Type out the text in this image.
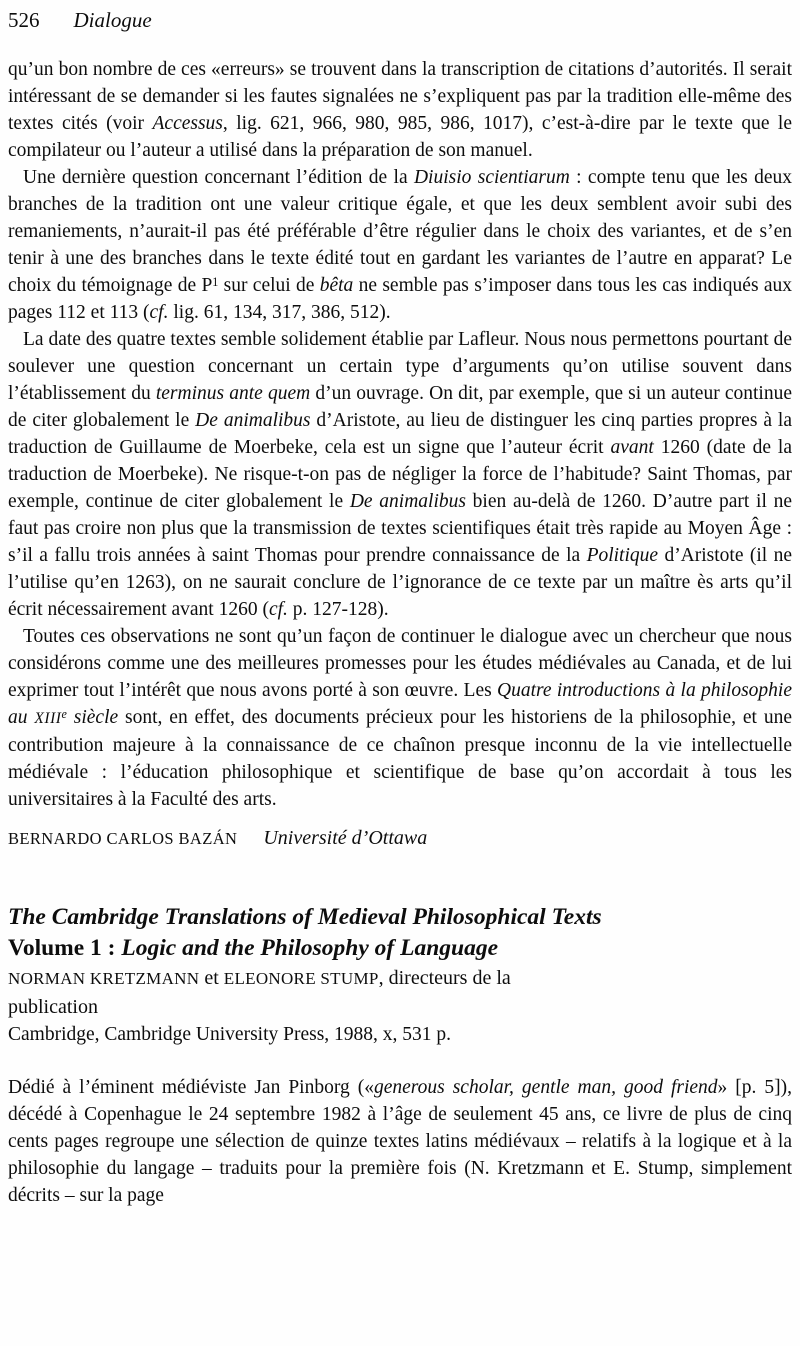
526 Dialogue

qu’un bon nombre de ces «erreurs» se trouvent dans la transcription de citations d’autorités. Il serait intéressant de se demander si les fautes signalées ne s’expliquent pas par la tradition elle-même des textes cités (voir Accessus, lig. 621, 966, 980, 985, 986, 1017), c’est-à-dire par le texte que le compilateur ou l’auteur a utilisé dans la préparation de son manuel.

Une dernière question concernant l’édition de la Diuisio scientiarum : compte tenu que les deux branches de la tradition ont une valeur critique égale, et que les deux semblent avoir subi des remaniements, n’aurait-il pas été préférable d’être régulier dans le choix des variantes, et de s’en tenir à une des branches dans le texte édité tout en gardant les variantes de l’autre en apparat? Le choix du témoignage de $P^1$ sur celui de bêta ne semble pas s’imposer dans tous les cas indiqués aux pages 112 et 113 (cf. lig. 61, 134, 317, 386, 512).

La date des quatre textes semble solidement établie par Lafleur. Nous nous permettons pourtant de soulever une question concernant un certain type d’arguments qu’on utilise souvent dans l’établissement du terminus ante quem d’un ouvrage. On dit, par exemple, que si un auteur continue de citer globalement le De animalibus d’Aristote, au lieu de distinguer les cinq parties propres à la traduction de Guillaume de Moerbeke, cela est un signe que l’auteur écrit avant 1260 (date de la traduction de Moerbeke). Ne risque-t-on pas de négliger la force de l’habitude? Saint Thomas, par exemple, continue de citer globalement le De animalibus bien au-delà de 1260. D’autre part il ne faut pas croire non plus que la transmission de textes scientifiques était très rapide au Moyen Âge : s’il a fallu trois années à saint Thomas pour prendre connaissance de la Politique d’Aristote (il ne l’utilise qu’en 1263), on ne saurait conclure de l’ignorance de ce texte par un maître ès arts qu’il écrit nécessairement avant 1260 (cf. p. 127-128).

Toutes ces observations ne sont qu’un façon de continuer le dialogue avec un chercheur que nous considérons comme une des meilleures promesses pour les études médiévales au Canada, et de lui exprimer tout l’intérêt que nous avons porté à son œuvre. Les Quatre introductions à la philosophie au XIIIe siècle sont, en effet, des documents précieux pour les historiens de la philosophie, et une contribution majeure à la connaissance de ce chaînon presque inconnu de la vie intellectuelle médiévale : l’éducation philosophique et scientifique de base qu’on accordait à tous les universitaires à la Faculté des arts.

BERNARDO CARLOS BAZÁN Université d’Ottawa
The Cambridge Translations of Medieval Philosophical Texts
Volume 1 : Logic and the Philosophy of Language
NORMAN KRETZMANN et ELEONORE STUMP, directeurs de la
publication
Cambridge, Cambridge University Press, 1988, x, 531 p.

Dédié à l’éminent médiéviste Jan Pinborg («generous scholar, gentle man, good friend» [p. 5]), décédé à Copenhague le 24 septembre 1982 à l’âge de seulement 45 ans, ce livre de plus de cinq cents pages regroupe une sélection de quinze textes latins médiévaux – relatifs à la logique et à la philosophie du langage – traduits pour la première fois (N. Kretzmann et E. Stump, simplement décrits – sur la page
